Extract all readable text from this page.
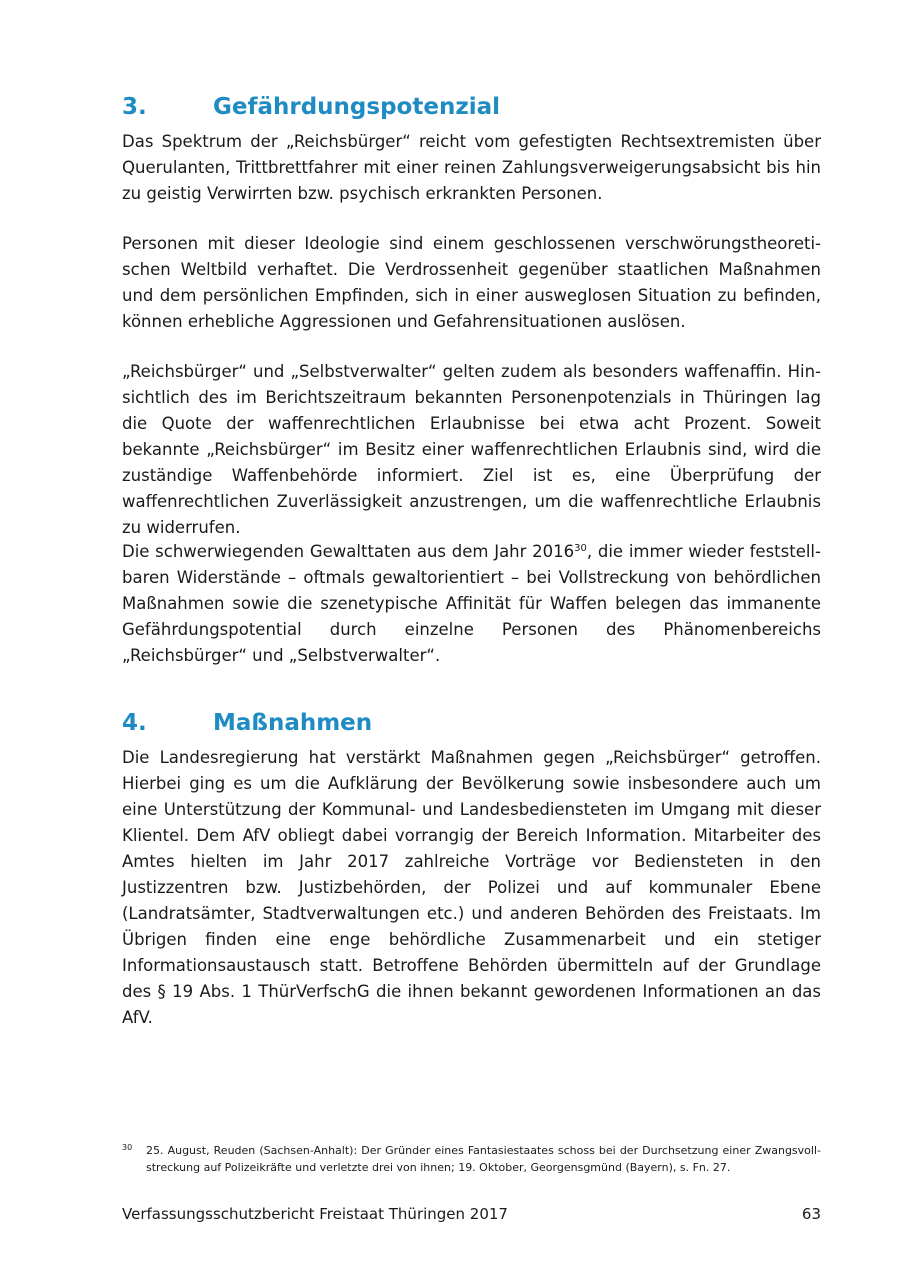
3.	Gefährdungspotenzial

Das Spektrum der „Reichsbürger“ reicht vom gefestigten Rechtsextremisten über Querulanten, Trittbrettfahrer mit einer reinen Zahlungsverweigerungsabsicht bis hin zu geistig Verwirrten bzw. psychisch erkrankten Personen.

Personen mit dieser Ideologie sind einem geschlossenen verschwörungstheoretischen Weltbild verhaftet. Die Verdrossenheit gegenüber staatlichen Maßnahmen und dem persönlichen Empfinden, sich in einer ausweglosen Situation zu befinden, können erhebliche Aggressionen und Gefahrensituationen auslösen.

„Reichsbürger“ und „Selbstverwalter“ gelten zudem als besonders waffenaffin. Hinsichtlich des im Berichtszeitraum bekannten Personenpotenzials in Thüringen lag die Quote der waffenrechtlichen Erlaubnisse bei etwa acht Prozent. Soweit bekannte „Reichsbürger“ im Besitz einer waffenrechtlichen Erlaubnis sind, wird die zuständige Waffenbehörde informiert. Ziel ist es, eine Überprüfung der waffenrechtlichen Zuverlässigkeit anzustrengen, um die waffenrechtliche Erlaubnis zu widerrufen.

Die schwerwiegenden Gewalttaten aus dem Jahr 2016$^{30}$, die immer wieder feststellbaren Widerstände – oftmals gewaltorientiert – bei Vollstreckung von behördlichen Maßnahmen sowie die szenetypische Affinität für Waffen belegen das immanente Gefährdungspotential durch einzelne Personen des Phänomenbereichs „Reichsbürger“ und „Selbstverwalter“.

4.	Maßnahmen

Die Landesregierung hat verstärkt Maßnahmen gegen „Reichsbürger“ getroffen. Hierbei ging es um die Aufklärung der Bevölkerung sowie insbesondere auch um eine Unterstützung der Kommunal- und Landesbediensteten im Umgang mit dieser Klientel. Dem AfV obliegt dabei vorrangig der Bereich Information. Mitarbeiter des Amtes hielten im Jahr 2017 zahlreiche Vorträge vor Bediensteten in den Justizzentren bzw. Justizbehörden, der Polizei und auf kommunaler Ebene (Landratsämter, Stadtverwaltungen etc.) und anderen Behörden des Freistaats. Im Übrigen finden eine enge behördliche Zusammenarbeit und ein stetiger Informationsaustausch statt. Betroffene Behörden übermitteln auf der Grundlage des § 19 Abs. 1 ThürVerfschG die ihnen bekannt gewordenen Informationen an das AfV.

30 25. August, Reuden (Sachsen-Anhalt): Der Gründer eines Fantasiestaates schoss bei der Durchsetzung einer Zwangsvollstreckung auf Polizeikräfte und verletzte drei von ihnen; 19. Oktober, Georgensgmünd (Bayern), s. Fn. 27.
Verfassungsschutzbericht Freistaat Thüringen 2017	63
